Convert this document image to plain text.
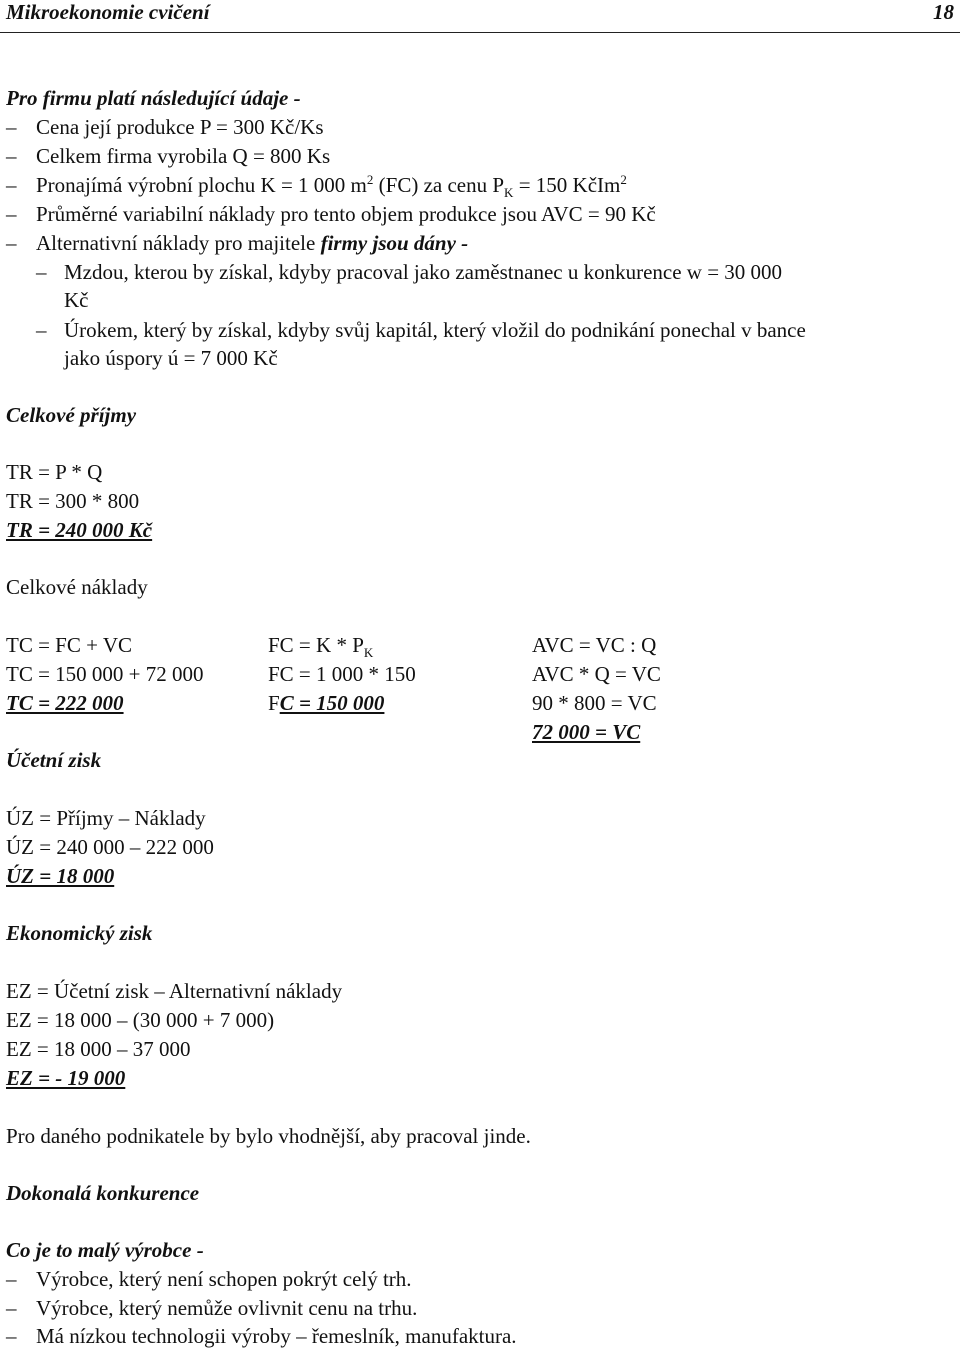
Mikroekonomie cvičení	18
Pro firmu platí následující údaje -
– Cena její produkce P = 300 Kč/Ks
– Celkem firma vyrobila Q = 800 Ks
– Pronajímá výrobní plochu K = 1 000 $m^2$ (FC) za cenu $P_K = 150$ KčIm$^2$
– Průměrné variabilní náklady pro tento objem produkce jsou AVC = 90 Kč
– Alternativní náklady pro majitele firmy jsou dány -
– Mzdou, kterou by získal, kdyby pracoval jako zaměstnanec u konkurence w = 30 000
Kč
– Úrokem, který by získal, kdyby svůj kapitál, který vložil do podnikání ponechal v bance
jako úspory ú = 7 000 Kč
Celkové příjmy
TR = P * Q
TR = 300 * 800
TR = 240 000 Kč
Celkové náklady
TC = FC + VC
TC = 150 000 + 72 000
TC = 222 000
FC = K * $P_K$
FC = 1 000 * 150
FC = 150 000
AVC = VC : Q
AVC * Q = VC
90 * 800 = VC
72 000 = VC
Účetní zisk
ÚZ = Příjmy – Náklady
ÚZ = 240 000 – 222 000
ÚZ = 18 000
Ekonomický zisk
EZ = Účetní zisk – Alternativní náklady
EZ = 18 000 – (30 000 + 7 000)
EZ = 18 000 – 37 000
EZ = - 19 000
Pro daného podnikatele by bylo vhodnější, aby pracoval jinde.
Dokonalá konkurence
Co je to malý výrobce -
– Výrobce, který není schopen pokrýt celý trh.
– Výrobce, který nemůže ovlivnit cenu na trhu.
– Má nízkou technologii výroby – řemeslník, manufaktura.
